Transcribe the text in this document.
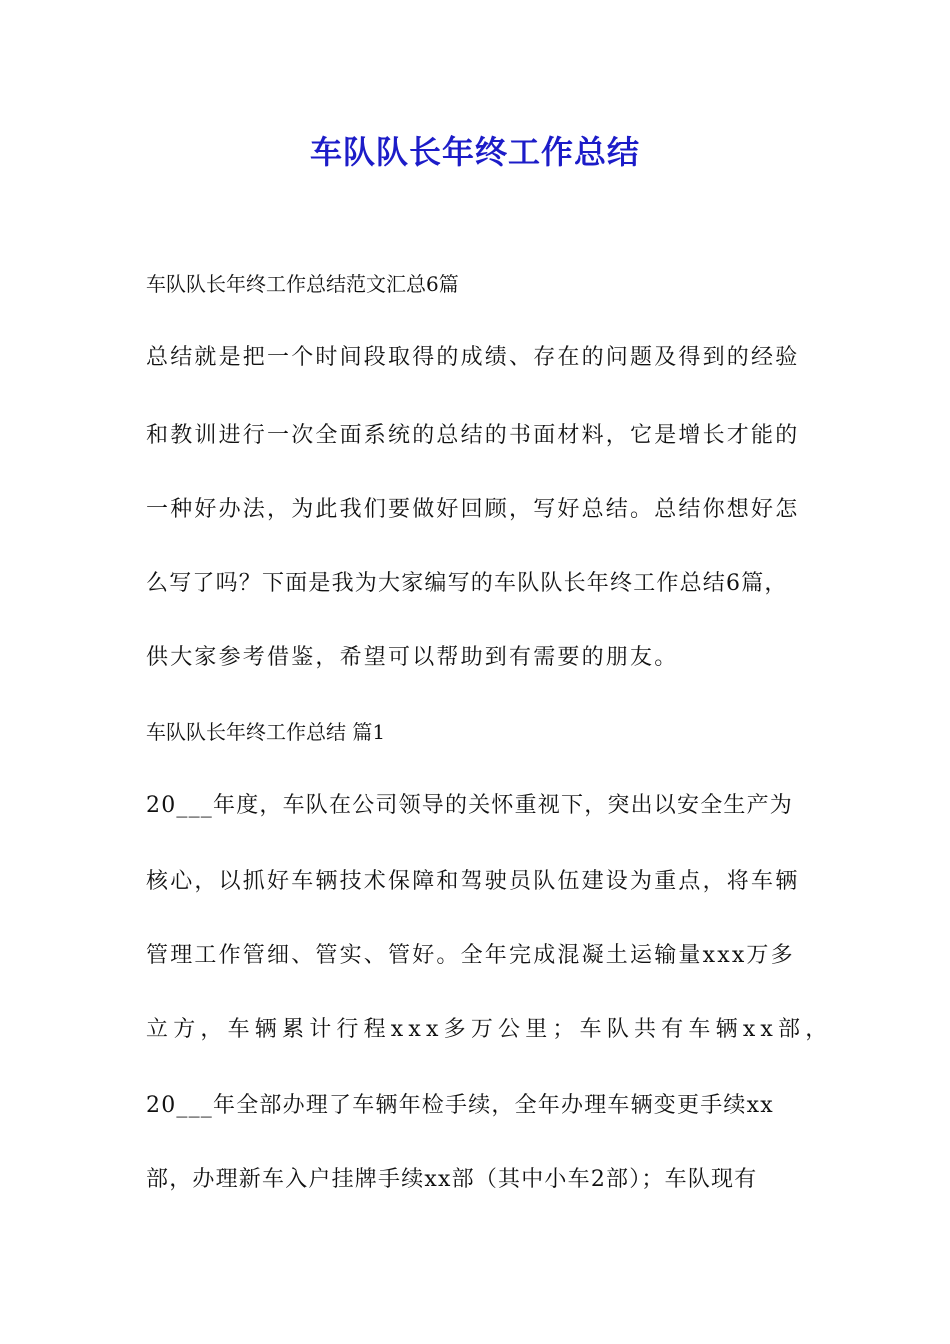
车队队长年终工作总结

车队队长年终工作总结范文汇总6篇

总结就是把一个时间段取得的成绩、存在的问题及得到的经验

和教训进行一次全面系统的总结的书面材料，它是增长才能的

一种好办法，为此我们要做好回顾，写好总结。总结你想好怎

么写了吗？下面是我为大家编写的车队队长年终工作总结6篇，

供大家参考借鉴，希望可以帮助到有需要的朋友。

车队队长年终工作总结 篇1

20___年度，车队在公司领导的关怀重视下，突出以安全生产为

核心，以抓好车辆技术保障和驾驶员队伍建设为重点，将车辆

管理工作管细、管实、管好。全年完成混凝土运输量xxx万多

立方，车辆累计行程xxx多万公里；车队共有车辆xx部，

20___年全部办理了车辆年检手续，全年办理车辆变更手续xx

部，办理新车入户挂牌手续xx部（其中小车2部）；车队现有
